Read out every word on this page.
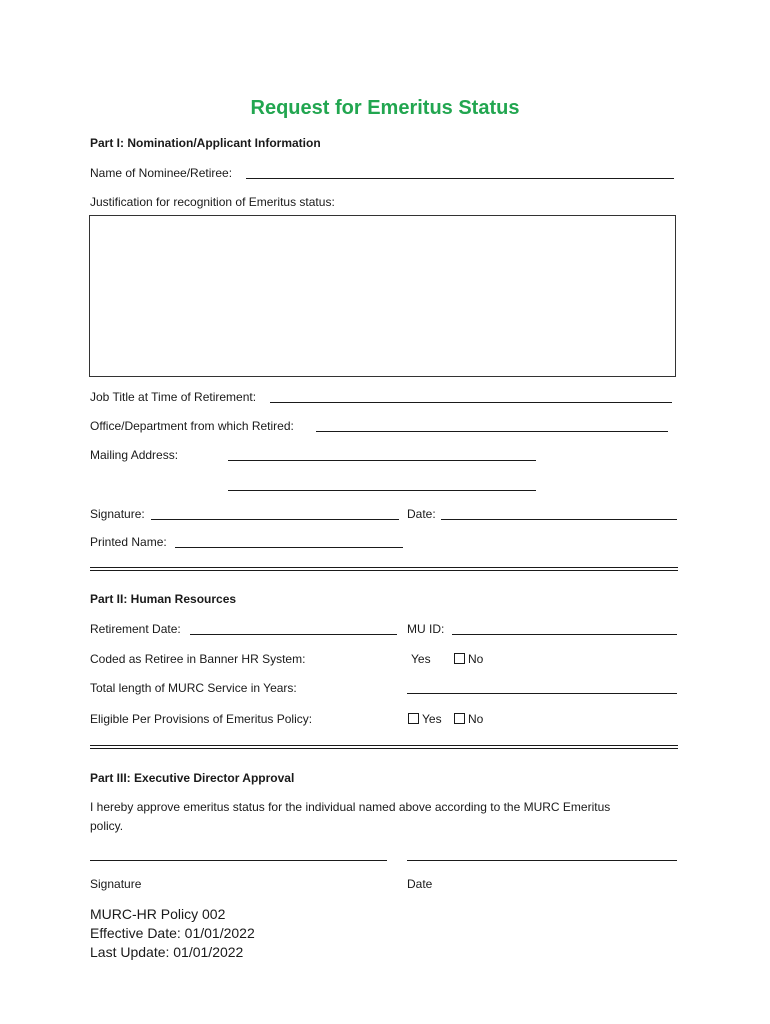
Request for Emeritus Status
Part I: Nomination/Applicant Information
Name of Nominee/Retiree:
Justification for recognition of Emeritus status:
Job Title at Time of Retirement:
Office/Department from which Retired:
Mailing Address:
Signature:	Date:
Printed Name:
Part II: Human Resources
Retirement Date:	MU ID:
Coded as Retiree in Banner HR System:	Yes	No
Total length of MURC Service in Years:
Eligible Per Provisions of Emeritus Policy:	Yes	No
Part III: Executive Director Approval
I hereby approve emeritus status for the individual named above according to the MURC Emeritus
policy.
Signature	Date
MURC-HR Policy 002
Effective Date: 01/01/2022
Last Update: 01/01/2022
